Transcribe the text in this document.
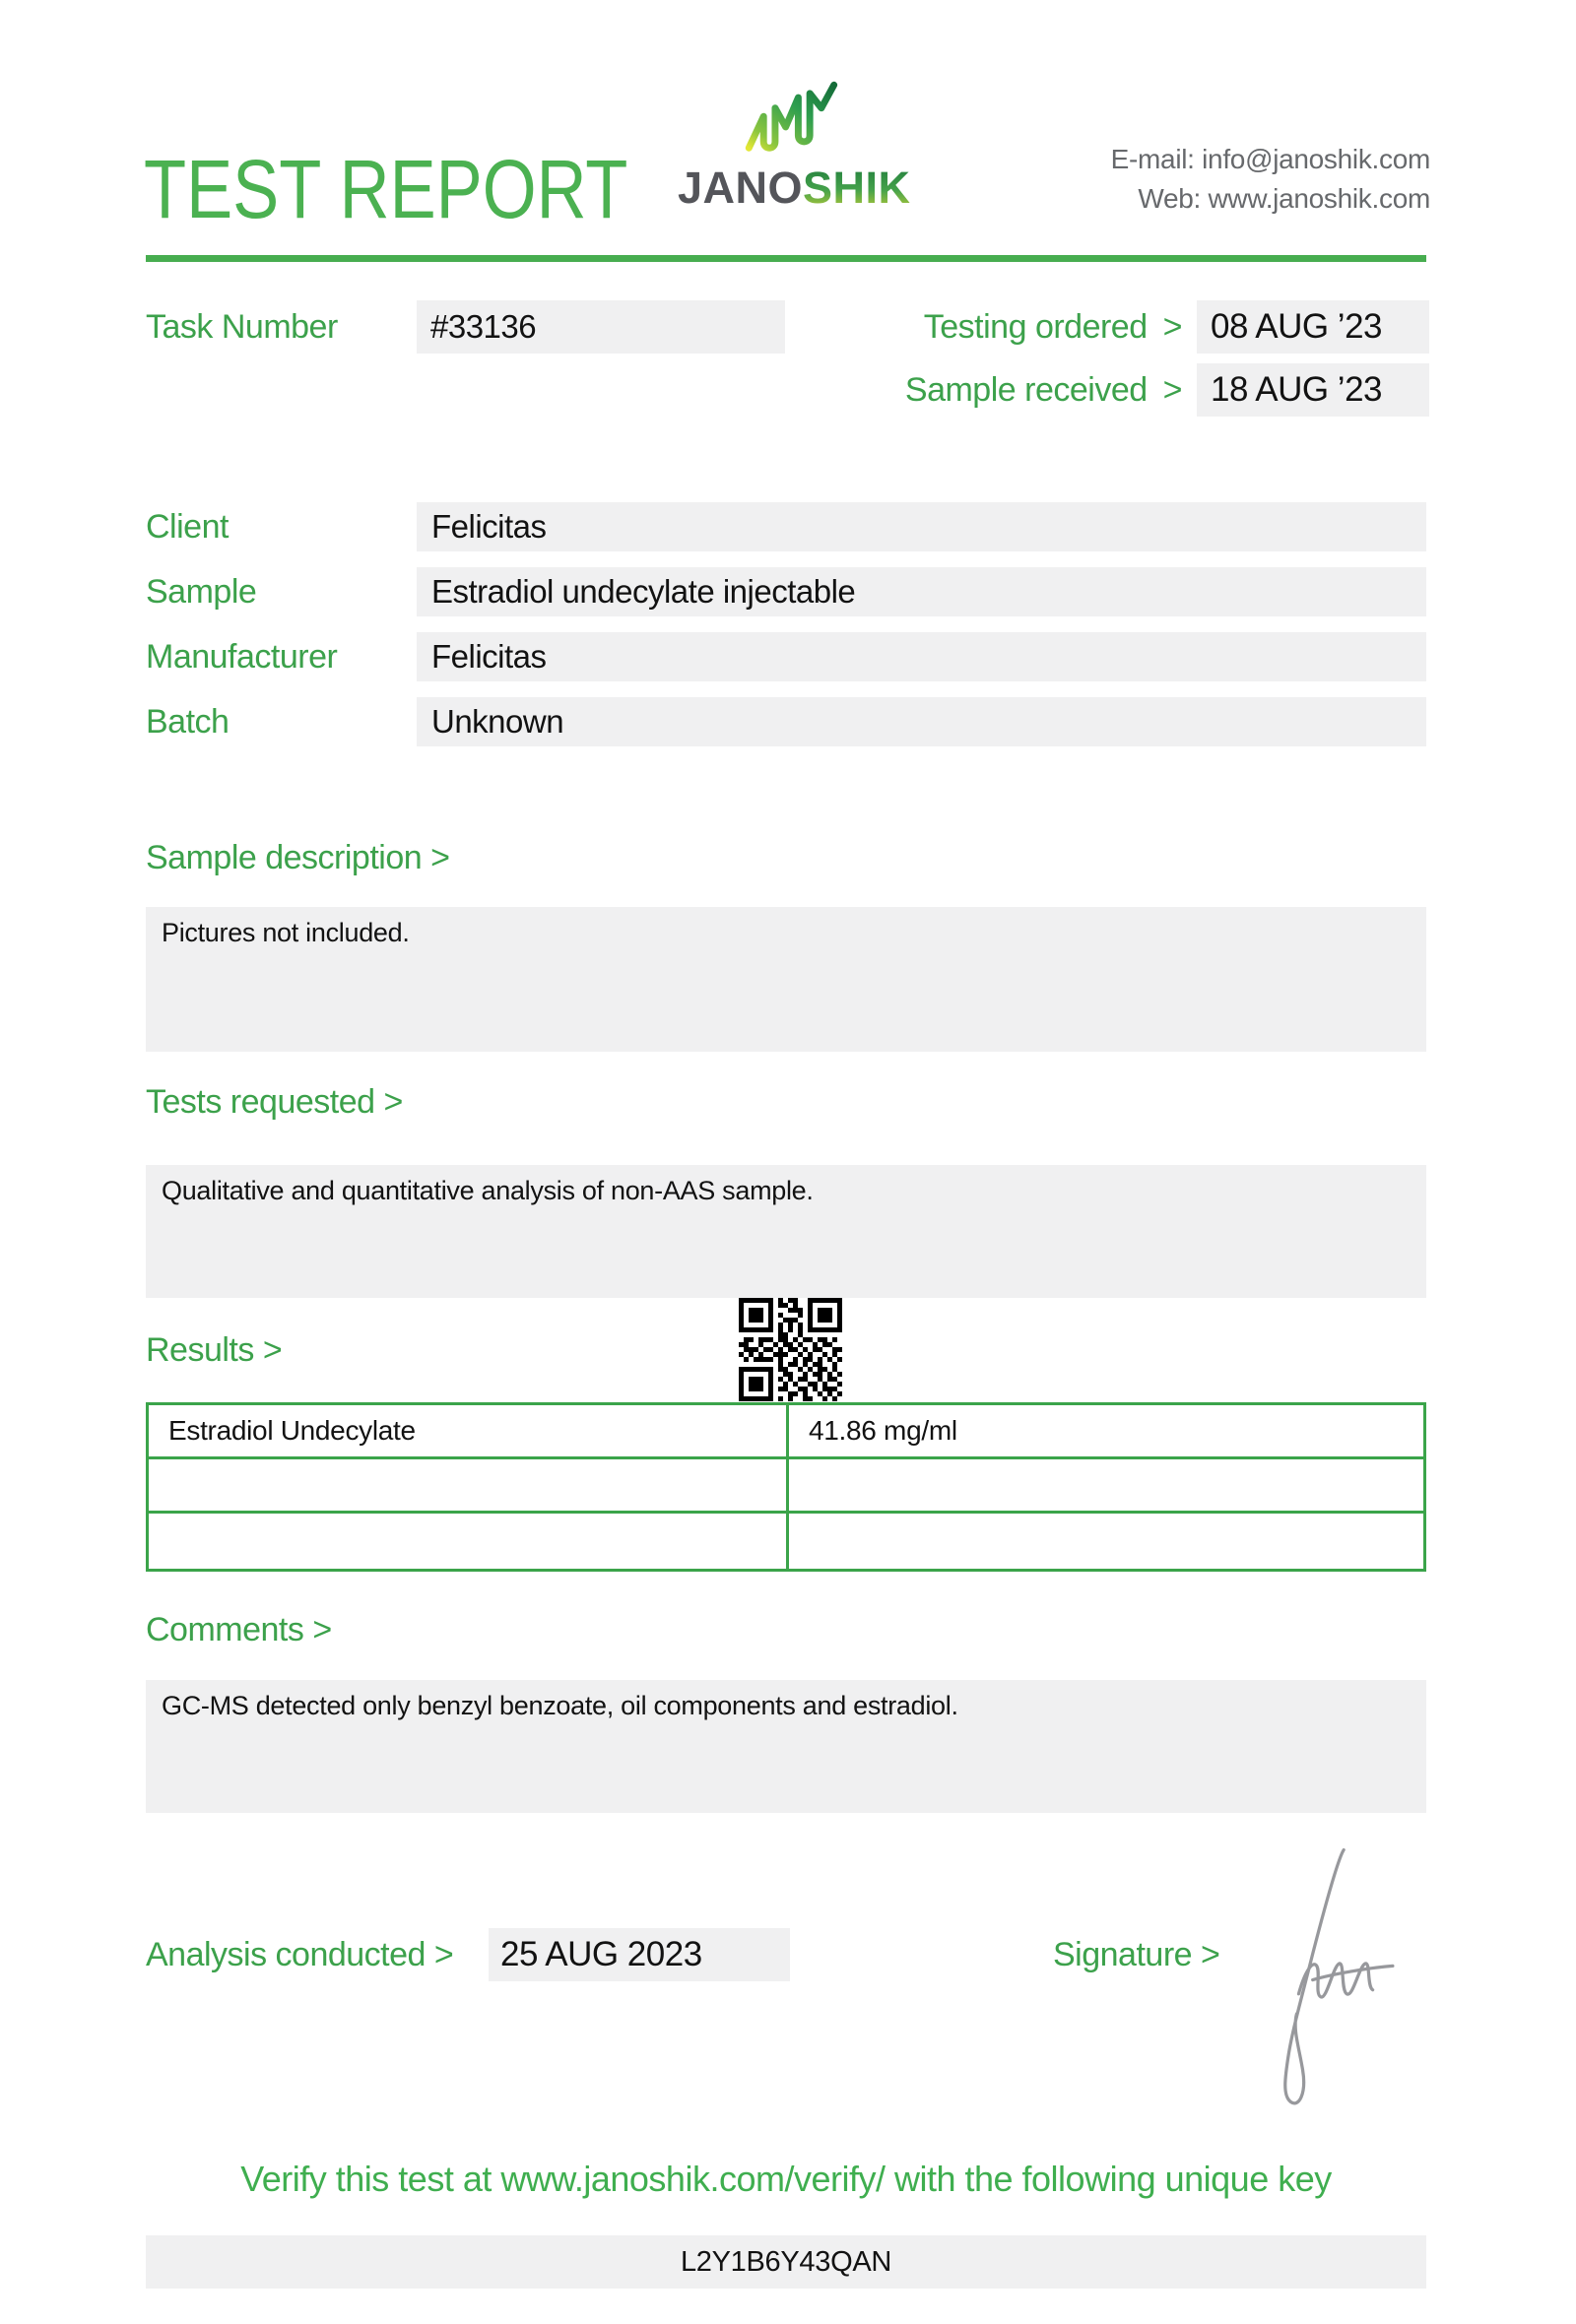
TEST REPORT JANOSHIK
E-mail: info@janoshik.com
Web: www.janoshik.com
Task Number	#33136	Testing ordered > 08 AUG ’23
Sample received > 18 AUG ’23
Client	Felicitas
Sample	Estradiol undecylate injectable
Manufacturer	Felicitas
Batch	Unknown
Sample description >
Pictures not included.
Tests requested >
Qualitative and quantitative analysis of non-AAS sample.
Results >
Estradiol Undecylate	41.86 mg/ml

Comments >
GC-MS detected only benzyl benzoate, oil components and estradiol.
Analysis conducted >	25 AUG 2023	Signature >
Verify this test at www.janoshik.com/verify/ with the following unique key
L2Y1B6Y43QAN
